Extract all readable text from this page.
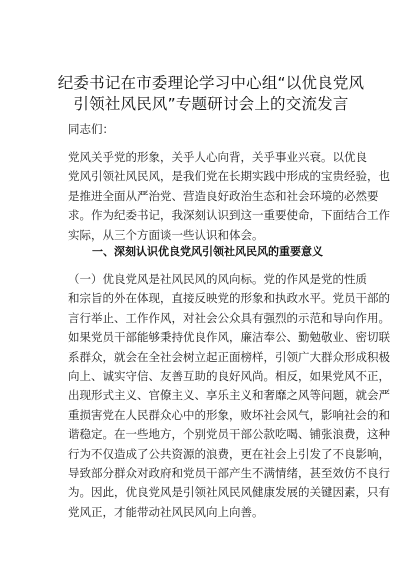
纪委书记在市委理论学习中心组“以优良党风
引领社风民风”专题研讨会上的交流发言
同志们：
党风关乎党的形象，关乎人心向背，关乎事业兴衰。以优良
党风引领社风民风，是我们党在长期实践中形成的宝贵经验，也
是推进全面从严治党、营造良好政治生态和社会环境的必然要
求。作为纪委书记，我深刻认识到这一重要使命，下面结合工作
实际，从三个方面谈一些认识和体会。
一、深刻认识优良党风引领社风民风的重要意义
（一）优良党风是社风民风的风向标。党的作风是党的性质
和宗旨的外在体现，直接反映党的形象和执政水平。党员干部的
言行举止、工作作风，对社会公众具有强烈的示范和导向作用。
如果党员干部能够秉持优良作风，廉洁奉公、勤勉敬业、密切联
系群众，就会在全社会树立起正面榜样，引领广大群众形成积极
向上、诚实守信、友善互助的良好风尚。相反，如果党风不正，
出现形式主义、官僚主义、享乐主义和奢靡之风等问题，就会严
重损害党在人民群众心中的形象，败坏社会风气，影响社会的和
谐稳定。在一些地方，个别党员干部公款吃喝、铺张浪费，这种
行为不仅造成了公共资源的浪费，更在社会上引发了不良影响，
导致部分群众对政府和党员干部产生不满情绪，甚至效仿不良行
为。因此，优良党风是引领社风民风健康发展的关键因素，只有
党风正，才能带动社风民风向上向善。
